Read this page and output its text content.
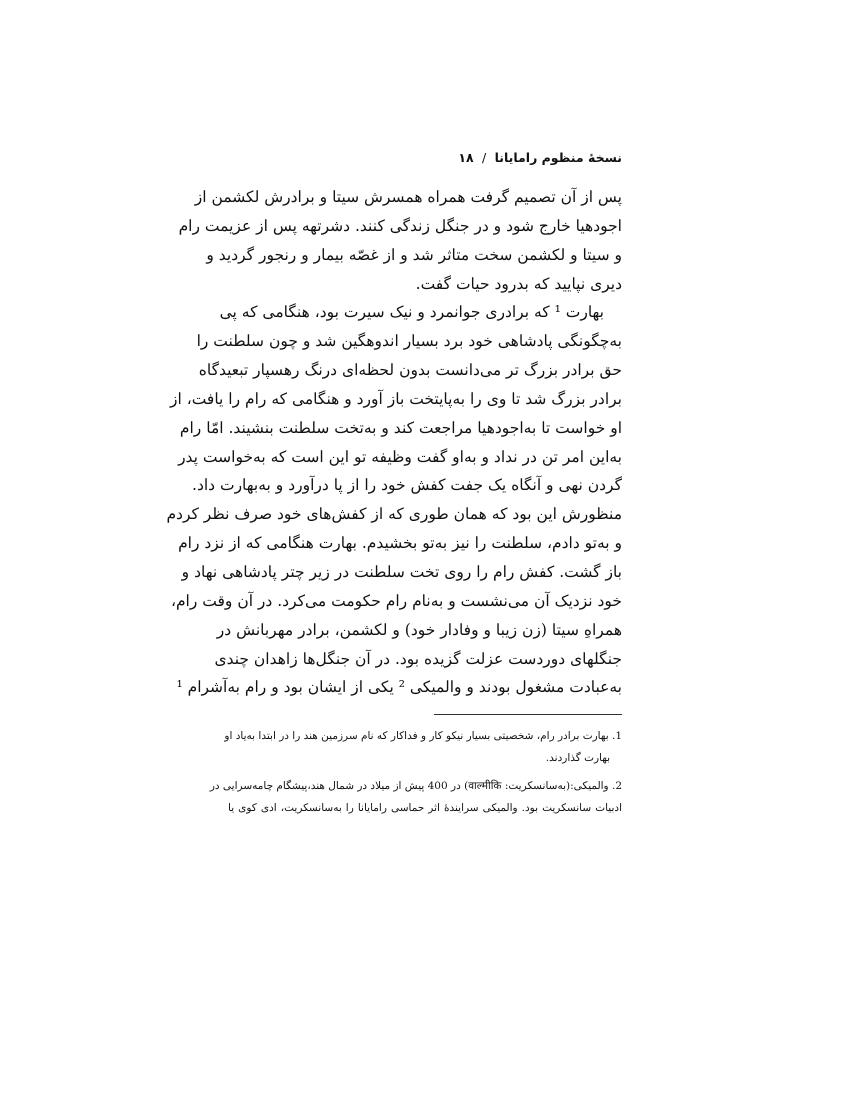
نسخهٔ منظوم رامایانا / ۱۸
پس از آن تصمیم گرفت همراه همسرش سیتا و برادرش لکشمن از
اجودهیا خارج شود و در جنگل زندگی کنند. دشرتهه پس از عزیمت رام
و سیتا و لکشمن سخت متاثر شد و از غصّه بیمار و رنجور گردید و
دیری نپایید که بدرود حیات گفت.
بهارت ¹ که برادری جوانمرد و نیک سیرت بود، هنگامی که پی
به‌چگونگی پادشاهی خود برد بسیار اندوهگین شد و چون سلطنت را
حق برادر بزرگ تر می‌دانست بدون لحظه‌ای درنگ رهسپار تبعیدگاه
برادر بزرگ شد تا وی را به‌پایتخت باز آورد و هنگامی که رام را یافت، از
او خواست تا به‌اجودهیا مراجعت کند و به‌تخت سلطنت بنشیند. امّا رام
به‌این امر تن در نداد و به‌او گفت وظیفه تو این است که به‌خواست پدر
گردن نهی و آنگاه یک جفت کفش خود را از پا درآورد و به‌بهارت داد.
منظورش این بود که همان طوری که از کفش‌های خود صرف نظر کردم
و به‌تو دادم، سلطنت را نیز به‌تو بخشیدم. بهارت هنگامی که از نزد رام
باز گشت. کفش رام را روی تخت سلطنت در زیر چتر پادشاهی نهاد و
خود نزدیک آن می‌نشست و به‌نام رام حکومت می‌کرد. در آن وقت رام،
همراهِ سیتا (زن زیبا و وفادار خود) و لکشمن، برادر مهربانش در
جنگلهای دوردست عزلت گزیده بود. در آن جنگل‌ها زاهدان چندی
به‌عبادت مشغول بودند و والمیکی ² یکی از ایشان بود و رام به‌آشرام ¹
1. بهارت برادر رام، شخصیتی بسیار نیکو کار و فداکار که نام سرزمین هند را در ابتدا به‌یاد او
بهارت گذاردند.
2. والمیکی:(به‌سانسکریت: वाल्मीकि) در 400 پیش از میلاد در شمال هند،پیشگام چامه‌سرایی در
ادبیات سانسکریت بود. والمیکی سرایندهٔ اثر حماسی رامایانا را به‌سانسکریت، ادی کوی یا
